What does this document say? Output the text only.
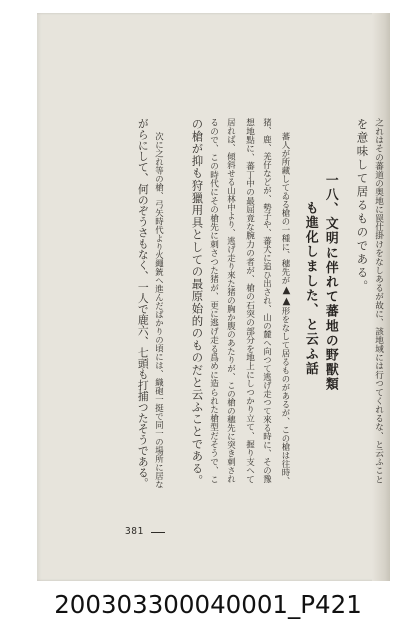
之れはその蕃道の奥地に罠仕掛けをなしあるが故に、該地域には行つてくれるな、と云ふこと
を意味して居るものである。
一八、文明に伴れて蕃地の野獸類
も進化しました、と云ふ話
蕃人が所藏してゐる槍の一種に、穗先が▲▲形をなして居るものがあるが、この槍は往時、
猪、鹿、羌仔などが、勢子や、蕃犬に追ひ出され、山の麓へ向つて逃げ走つて來る時に、その豫
想地點に、蕃丁中の最屈竟な腕力の者が、槍の石突の部分を地上にしつかり立て、握り支へて
居れば、傾斜せる山林中より、逃げ走り來た猪の胸か腹のあたりが、この槍の穗先に突き刺され
るので、この時代にその槍先に刺さつた猪が、更に逃げ走る爲めに造られた槍型だそうで、こ
の槍が抑も狩獵用具としての最原始的のものだと云ふことである。
次に之れ等の槍、弓矢時代より火繩銃へ進んだばかりの頃には、織砲一挺で同一の場所に居な
がらにして、何のぞうさもなく、一人で鹿六、七頭も打捕つたそうである。
381
200303300040001_P421
